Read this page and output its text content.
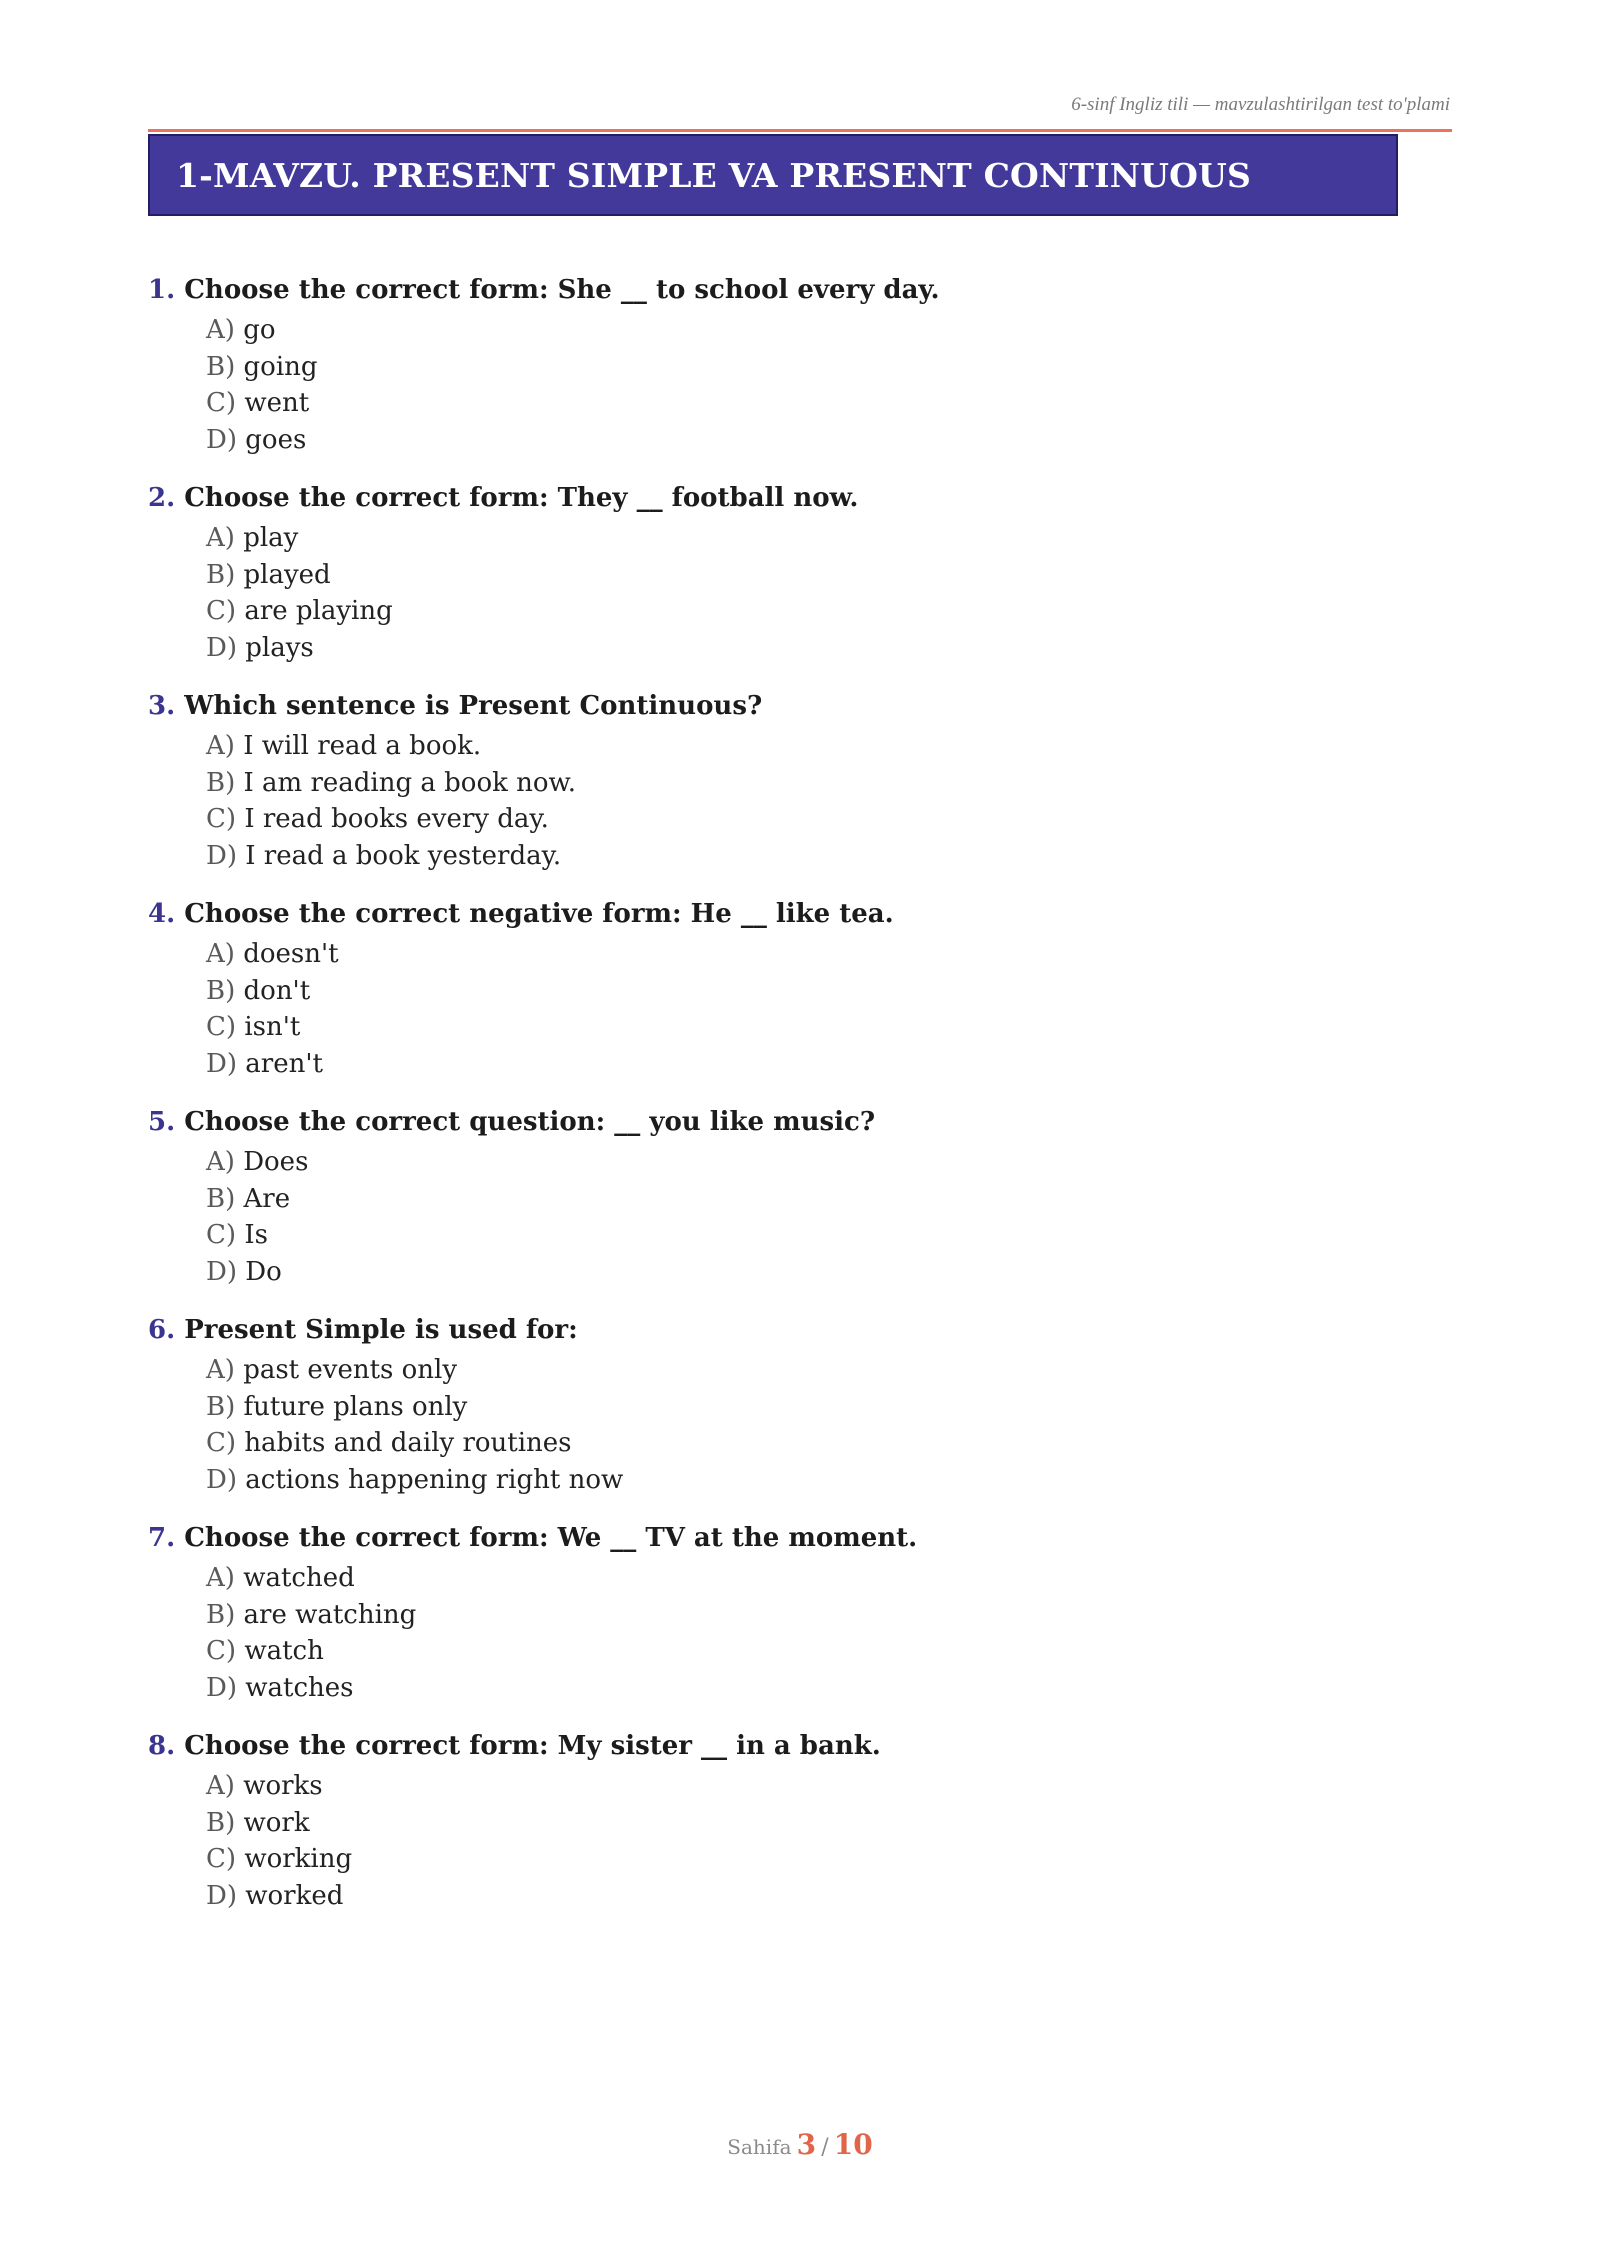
6-sinf Ingliz tili — mavzulashtirilgan test to'plami
1-MAVZU. PRESENT SIMPLE VA PRESENT CONTINUOUS
1. Choose the correct form: She __ to school every day.
A) go
B) going
C) went
D) goes
2. Choose the correct form: They __ football now.
A) play
B) played
C) are playing
D) plays
3. Which sentence is Present Continuous?
A) I will read a book.
B) I am reading a book now.
C) I read books every day.
D) I read a book yesterday.
4. Choose the correct negative form: He __ like tea.
A) doesn't
B) don't
C) isn't
D) aren't
5. Choose the correct question: __ you like music?
A) Does
B) Are
C) Is
D) Do
6. Present Simple is used for:
A) past events only
B) future plans only
C) habits and daily routines
D) actions happening right now
7. Choose the correct form: We __ TV at the moment.
A) watched
B) are watching
C) watch
D) watches
8. Choose the correct form: My sister __ in a bank.
A) works
B) work
C) working
D) worked
Sahifa 3 / 10
